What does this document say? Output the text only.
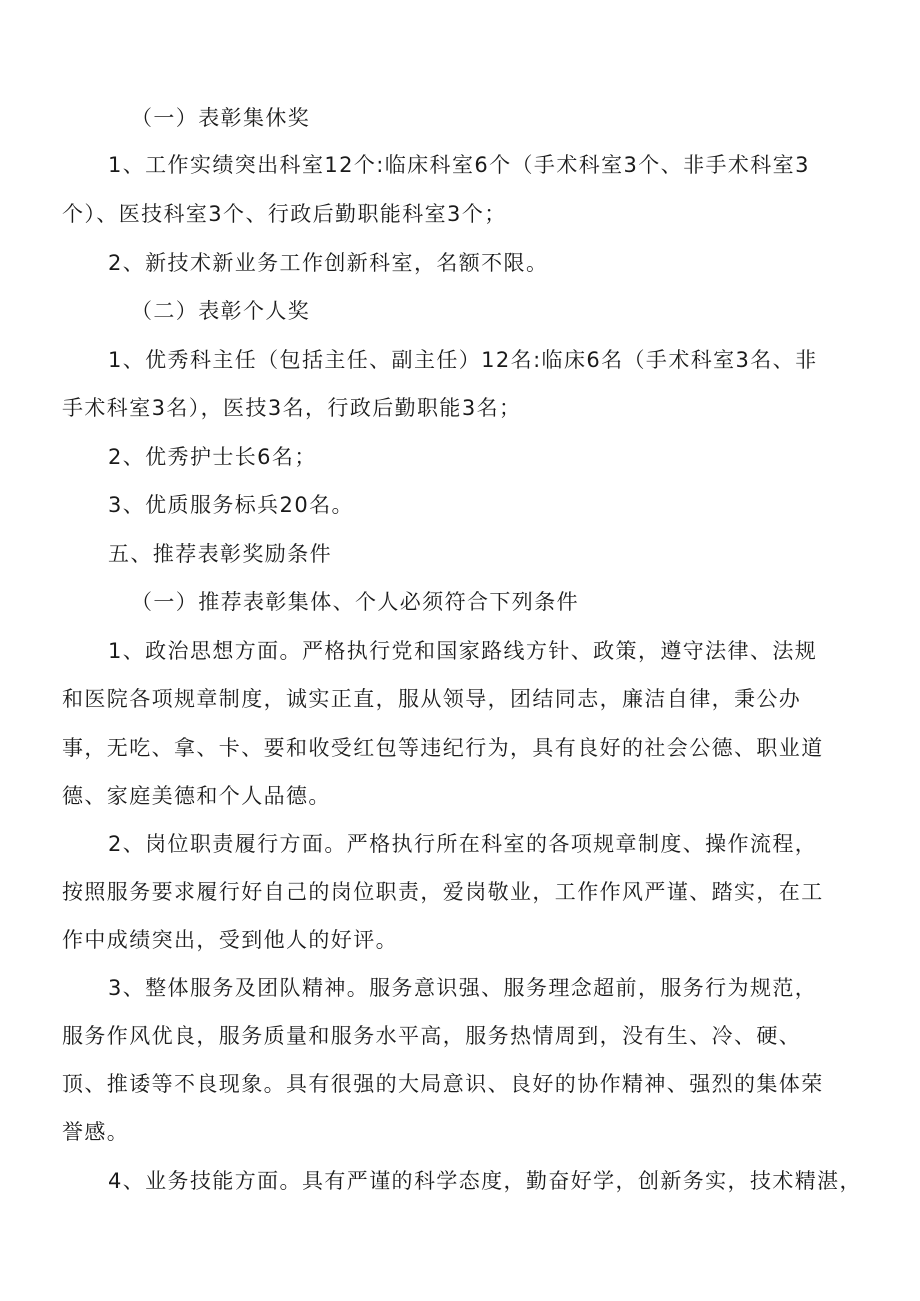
（一）表彰集休奖
1、工作实绩突出科室12个:临床科室6个（手术科室3个、非手术科室3
个）、医技科室3个、行政后勤职能科室3个；
2、新技术新业务工作创新科室，名额不限。
（二）表彰个人奖
1、优秀科主任（包括主任、副主任）12名:临床6名（手术科室3名、非
手术科室3名），医技3名，行政后勤职能3名；
2、优秀护士长6名；
3、优质服务标兵20名。
五、推荐表彰奖励条件
（一）推荐表彰集体、个人必须符合下列条件
1、政治思想方面。严格执行党和国家路线方针、政策，遵守法律、法规
和医院各项规章制度，诚实正直，服从领导，团结同志，廉洁自律，秉公办
事，无吃、拿、卡、要和收受红包等违纪行为，具有良好的社会公德、职业道
德、家庭美德和个人品德。
2、岗位职责履行方面。严格执行所在科室的各项规章制度、操作流程，
按照服务要求履行好自己的岗位职责，爱岗敬业，工作作风严谨、踏实，在工
作中成绩突出，受到他人的好评。
3、整体服务及团队精神。服务意识强、服务理念超前，服务行为规范，
服务作风优良，服务质量和服务水平高，服务热情周到，没有生、冷、硬、
顶、推诿等不良现象。具有很强的大局意识、良好的协作精神、强烈的集体荣
誉感。
4、业务技能方面。具有严谨的科学态度，勤奋好学，创新务实，技术精湛，
